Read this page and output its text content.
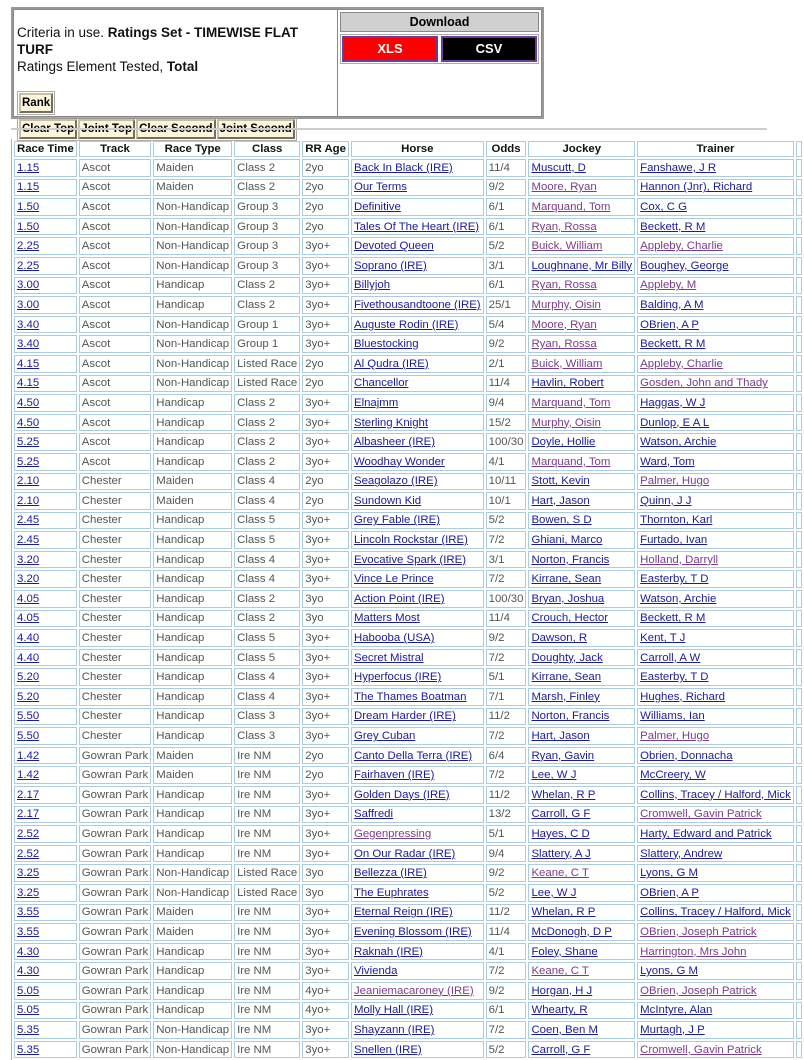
Criteria in use. Ratings Set - TIMEWISE FLAT TURF
Ratings Element Tested, Total
Rank
Clear Top Joint Top Clear Second Joint Second
Download
XLS	CSV
Race Time	Track	Race Type	Class	RR Age	Horse	Odds	Jockey	Trainer	
1.15	Ascot	Maiden	Class 2	2yo	Back In Black (IRE)	11/4	Muscutt, D	Fanshawe, J R	
1.15	Ascot	Maiden	Class 2	2yo	Our Terms	9/2	Moore, Ryan	Hannon (Jnr), Richard	
1.50	Ascot	Non-Handicap	Group 3	2yo	Definitive	6/1	Marquand, Tom	Cox, C G	
1.50	Ascot	Non-Handicap	Group 3	2yo	Tales Of The Heart (IRE)	6/1	Ryan, Rossa	Beckett, R M	
2.25	Ascot	Non-Handicap	Group 3	3yo+	Devoted Queen	5/2	Buick, William	Appleby, Charlie	
2.25	Ascot	Non-Handicap	Group 3	3yo+	Soprano (IRE)	3/1	Loughnane, Mr Billy	Boughey, George	
3.00	Ascot	Handicap	Class 2	3yo+	Billyjoh	6/1	Ryan, Rossa	Appleby, M	
3.00	Ascot	Handicap	Class 2	3yo+	Fivethousandtoone (IRE)	25/1	Murphy, Oisin	Balding, A M	
3.40	Ascot	Non-Handicap	Group 1	3yo+	Auguste Rodin (IRE)	5/4	Moore, Ryan	OBrien, A P	
3.40	Ascot	Non-Handicap	Group 1	3yo+	Bluestocking	9/2	Ryan, Rossa	Beckett, R M	
4.15	Ascot	Non-Handicap	Listed Race	2yo	Al Qudra (IRE)	2/1	Buick, William	Appleby, Charlie	
4.15	Ascot	Non-Handicap	Listed Race	2yo	Chancellor	11/4	Havlin, Robert	Gosden, John and Thady	
4.50	Ascot	Handicap	Class 2	3yo+	Elnajmm	9/4	Marquand, Tom	Haggas, W J	
4.50	Ascot	Handicap	Class 2	3yo+	Sterling Knight	15/2	Murphy, Oisin	Dunlop, E A L	
5.25	Ascot	Handicap	Class 2	3yo+	Albasheer (IRE)	100/30	Doyle, Hollie	Watson, Archie	
5.25	Ascot	Handicap	Class 2	3yo+	Woodhay Wonder	4/1	Marquand, Tom	Ward, Tom	
2.10	Chester	Maiden	Class 4	2yo	Seagolazo (IRE)	10/11	Stott, Kevin	Palmer, Hugo	
2.10	Chester	Maiden	Class 4	2yo	Sundown Kid	10/1	Hart, Jason	Quinn, J J	
2.45	Chester	Handicap	Class 5	3yo+	Grey Fable (IRE)	5/2	Bowen, S D	Thornton, Karl	
2.45	Chester	Handicap	Class 5	3yo+	Lincoln Rockstar (IRE)	7/2	Ghiani, Marco	Furtado, Ivan	
3.20	Chester	Handicap	Class 4	3yo+	Evocative Spark (IRE)	3/1	Norton, Francis	Holland, Darryll	
3.20	Chester	Handicap	Class 4	3yo+	Vince Le Prince	7/2	Kirrane, Sean	Easterby, T D	
4.05	Chester	Handicap	Class 2	3yo	Action Point (IRE)	100/30	Bryan, Joshua	Watson, Archie	
4.05	Chester	Handicap	Class 2	3yo	Matters Most	11/4	Crouch, Hector	Beckett, R M	
4.40	Chester	Handicap	Class 5	3yo+	Habooba (USA)	9/2	Dawson, R	Kent, T J	
4.40	Chester	Handicap	Class 5	3yo+	Secret Mistral	7/2	Doughty, Jack	Carroll, A W	
5.20	Chester	Handicap	Class 4	3yo+	Hyperfocus (IRE)	5/1	Kirrane, Sean	Easterby, T D	
5.20	Chester	Handicap	Class 4	3yo+	The Thames Boatman	7/1	Marsh, Finley	Hughes, Richard	
5.50	Chester	Handicap	Class 3	3yo+	Dream Harder (IRE)	11/2	Norton, Francis	Williams, Ian	
5.50	Chester	Handicap	Class 3	3yo+	Grey Cuban	7/2	Hart, Jason	Palmer, Hugo	
1.42	Gowran Park	Maiden	Ire NM	2yo	Canto Della Terra (IRE)	6/4	Ryan, Gavin	Obrien, Donnacha	
1.42	Gowran Park	Maiden	Ire NM	2yo	Fairhaven (IRE)	7/2	Lee, W J	McCreery, W	
2.17	Gowran Park	Handicap	Ire NM	3yo+	Golden Days (IRE)	11/2	Whelan, R P	Collins, Tracey / Halford, Mick	
2.17	Gowran Park	Handicap	Ire NM	3yo+	Saffredi	13/2	Carroll, G F	Cromwell, Gavin Patrick	
2.52	Gowran Park	Handicap	Ire NM	3yo+	Gegenpressing	5/1	Hayes, C D	Harty, Edward and Patrick	
2.52	Gowran Park	Handicap	Ire NM	3yo+	On Our Radar (IRE)	9/4	Slattery, A J	Slattery, Andrew	
3.25	Gowran Park	Non-Handicap	Listed Race	3yo	Bellezza (IRE)	9/2	Keane, C T	Lyons, G M	
3.25	Gowran Park	Non-Handicap	Listed Race	3yo	The Euphrates	5/2	Lee, W J	OBrien, A P	
3.55	Gowran Park	Maiden	Ire NM	3yo+	Eternal Reign (IRE)	11/2	Whelan, R P	Collins, Tracey / Halford, Mick	
3.55	Gowran Park	Maiden	Ire NM	3yo+	Evening Blossom (IRE)	11/4	McDonogh, D P	OBrien, Joseph Patrick	
4.30	Gowran Park	Handicap	Ire NM	3yo+	Raknah (IRE)	4/1	Foley, Shane	Harrington, Mrs John	
4.30	Gowran Park	Handicap	Ire NM	3yo+	Vivienda	7/2	Keane, C T	Lyons, G M	
5.05	Gowran Park	Handicap	Ire NM	4yo+	Jeaniemacaroney (IRE)	9/2	Horgan, H J	OBrien, Joseph Patrick	
5.05	Gowran Park	Handicap	Ire NM	4yo+	Molly Hall (IRE)	6/1	Whearty, R	McIntyre, Alan	
5.35	Gowran Park	Non-Handicap	Ire NM	3yo+	Shayzann (IRE)	7/2	Coen, Ben M	Murtagh, J P	
5.35	Gowran Park	Non-Handicap	Ire NM	3yo+	Snellen (IRE)	5/2	Carroll, G F	Cromwell, Gavin Patrick	
